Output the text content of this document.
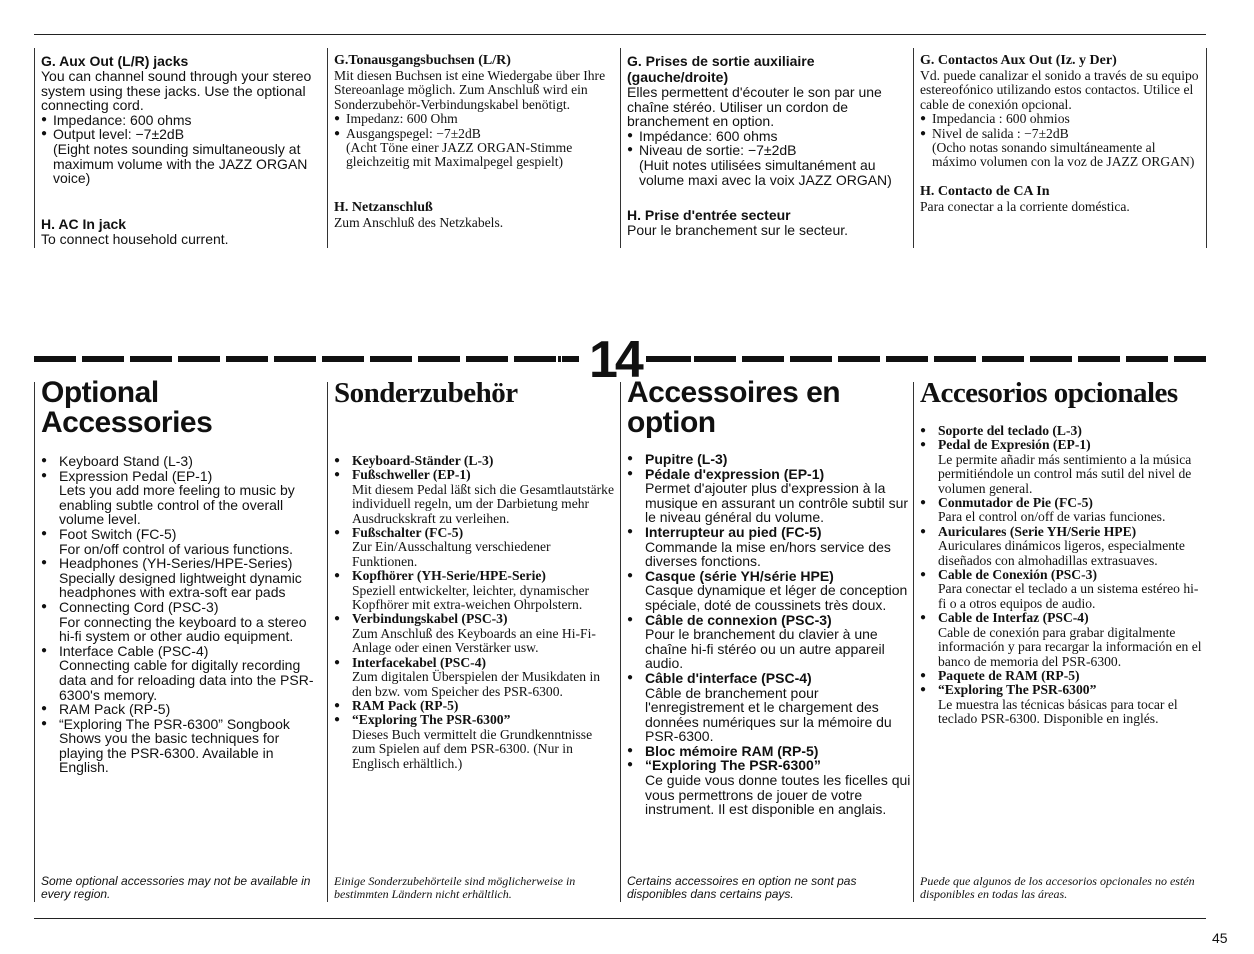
G. Aux Out (L/R) jacks

You can channel sound through your stereo system using these jacks. Use the optional connecting cord.

● Impedance: 600 ohms
● Output level: −7±2dB

(Eight notes sounding simultaneously at maximum volume with the JAZZ ORGAN voice)

H. AC In jack

To connect household current.

G.Tonausgangsbuchsen (L/R)

Mit diesen Buchsen ist eine Wiedergabe über Ihre Stereoanlage möglich. Zum Anschluß wird ein Sonderzubehör-Verbindungskabel benötigt.

● Impedanz: 600 Ohm
● Ausgangspegel: −7±2dB

(Acht Töne einer JAZZ ORGAN-Stimme gleichzeitig mit Maximalpegel gespielt)

H. Netzanschluß

Zum Anschluß des Netzkabels.

G. Prises de sortie auxiliaire (gauche/droite)

Elles permettent d'écouter le son par une chaîne stéréo. Utiliser un cordon de branchement en option.

● Impédance: 600 ohms
● Niveau de sortie: −7±2dB

(Huit notes utilisées simultanément au volume maxi avec la voix JAZZ ORGAN)

H. Prise d'entrée secteur

Pour le branchement sur le secteur.

G. Contactos Aux Out (Iz. y Der)

Vd. puede canalizar el sonido a través de su equipo estereofónico utilizando estos contactos. Utilice el cable de conexión opcional.

● Impedancia : 600 ohmios
● Nivel de salida : −7±2dB

(Ocho notas sonando simultáneamente al máximo volumen con la voz de JAZZ ORGAN)

H. Contacto de CA In

Para conectar a la corriente doméstica.

14

Optional Accessories

● Keyboard Stand (L-3)
● Expression Pedal (EP-1)
Lets you add more feeling to music by enabling subtle control of the overall volume level.
● Foot Switch (FC-5)
For on/off control of various functions.
● Headphones (YH-Series/HPE-Series)
Specially designed lightweight dynamic headphones with extra-soft ear pads
● Connecting Cord (PSC-3)
For connecting the keyboard to a stereo hi-fi system or other audio equipment.
● Interface Cable (PSC-4)
Connecting cable for digitally recording data and for reloading data into the PSR-6300's memory.
● RAM Pack (RP-5)
● “Exploring The PSR-6300” Songbook
Shows you the basic techniques for playing the PSR-6300. Available in English.

Some optional accessories may not be available in every region.

Sonderzubehör

● Keyboard-Ständer (L-3)
● Fußschweller (EP-1)
Mit diesem Pedal läßt sich die Gesamtlautstärke individuell regeln, um der Darbietung mehr Ausdruckskraft zu verleihen.
● Fußschalter (FC-5)
Zur Ein/Ausschaltung verschiedener Funktionen.
● Kopfhörer (YH-Serie/HPE-Serie)
Speziell entwickelter, leichter, dynamischer Kopfhörer mit extra-weichen Ohrpolstern.
● Verbindungskabel (PSC-3)
Zum Anschluß des Keyboards an eine Hi-Fi-Anlage oder einen Verstärker usw.
● Interfacekabel (PSC-4)
Zum digitalen Überspielen der Musikdaten in den bzw. vom Speicher des PSR-6300.
● RAM Pack (RP-5)
● “Exploring The PSR-6300”
Dieses Buch vermittelt die Grundkenntnisse zum Spielen auf dem PSR-6300. (Nur in Englisch erhältlich.)

Einige Sonderzubehörteile sind möglicherweise in bestimmten Ländern nicht erhältlich.

Accessoires en option

● Pupitre (L-3)
● Pédale d'expression (EP-1)
Permet d'ajouter plus d'expression à la musique en assurant un contrôle subtil sur le niveau général du volume.
● Interrupteur au pied (FC-5)
Commande la mise en/hors service des diverses fonctions.
● Casque (série YH/série HPE)
Casque dynamique et léger de conception spéciale, doté de coussinets très doux.
● Câble de connexion (PSC-3)
Pour le branchement du clavier à une chaîne hi-fi stéréo ou un autre appareil audio.
● Câble d'interface (PSC-4)
Câble de branchement pour l'enregistrement et le chargement des données numériques sur la mémoire du PSR-6300.
● Bloc mémoire RAM (RP-5)
● “Exploring The PSR-6300”
Ce guide vous donne toutes les ficelles qui vous permettrons de jouer de votre instrument. Il est disponible en anglais.

Certains accessoires en option ne sont pas disponibles dans certains pays.

Accesorios opcionales

● Soporte del teclado (L-3)
● Pedal de Expresión (EP-1)
Le permite añadir más sentimiento a la música permitiéndole un control más sutil del nivel de volumen general.
● Conmutador de Pie (FC-5)
Para el control on/off de varias funciones.
● Auriculares (Serie YH/Serie HPE)
Auriculares dinámicos ligeros, especialmente diseñados con almohadillas extrasuaves.
● Cable de Conexión (PSC-3)
Para conectar el teclado a un sistema estéreo hi-fi o a otros equipos de audio.
● Cable de Interfaz (PSC-4)
Cable de conexión para grabar digitalmente información y para recargar la información en el banco de memoria del PSR-6300.
● Paquete de RAM (RP-5)
● “Exploring The PSR-6300”
Le muestra las técnicas básicas para tocar el teclado PSR-6300. Disponible en inglés.

Puede que algunos de los accesorios opcionales no estén disponibles en todas las áreas.

45
